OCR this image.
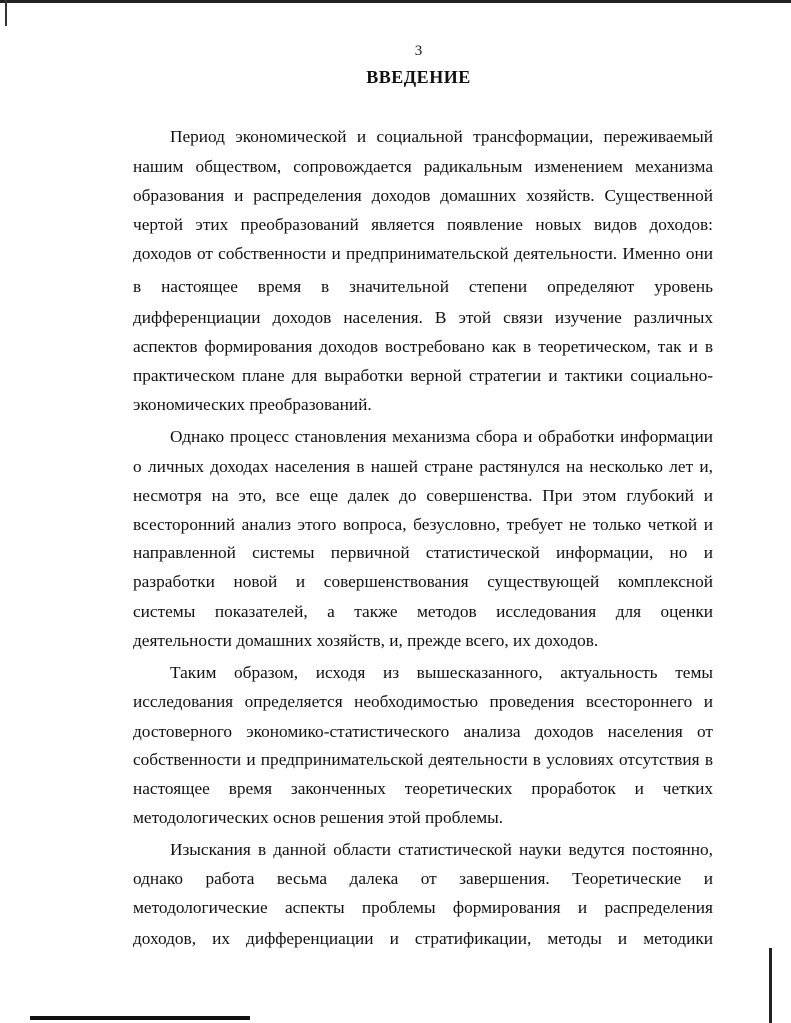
3
ВВЕДЕНИЕ
Период экономической и социальной трансформации, переживаемый
нашим обществом, сопровождается радикальным изменением механизма
образования и распределения доходов домашних хозяйств. Существенной
чертой этих преобразований является появление новых видов доходов:
доходов от собственности и предпринимательской деятельности. Именно они
в настоящее время в значительной степени определяют уровень
дифференциации доходов населения. В этой связи изучение различных
аспектов формирования доходов востребовано как в теоретическом, так и в
практическом плане для выработки верной стратегии и тактики социально-
экономических преобразований.
Однако процесс становления механизма сбора и обработки информации
о личных доходах населения в нашей стране растянулся на несколько лет и,
несмотря на это, все еще далек до совершенства. При этом глубокий и
всесторонний анализ этого вопроса, безусловно, требует не только четкой и
направленной системы первичной статистической информации, но и
разработки новой и совершенствования существующей комплексной
системы показателей, а также методов исследования для оценки
деятельности домашних хозяйств, и, прежде всего, их доходов.
Таким образом, исходя из вышесказанного, актуальность темы
исследования определяется необходимостью проведения всестороннего и
достоверного экономико-статистического анализа доходов населения от
собственности и предпринимательской деятельности в условиях отсутствия в
настоящее время законченных теоретических проработок и четких
методологических основ решения этой проблемы.
Изыскания в данной области статистической науки ведутся постоянно,
однако работа весьма далека от завершения. Теоретические и
методологические аспекты проблемы формирования и распределения
доходов, их дифференциации и стратификации, методы и методики
